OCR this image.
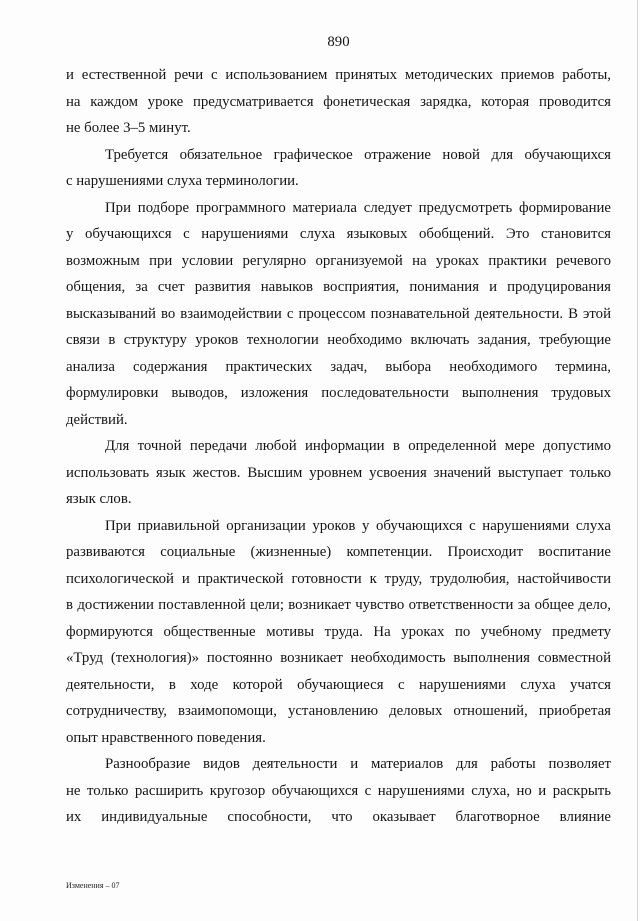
890
и естественной речи с использованием принятых методических приемов работы,
на каждом уроке предусматривается фонетическая зарядка, которая проводится
не более 3–5 минут.
Требуется обязательное графическое отражение новой для обучающихся
с нарушениями слуха терминологии.
При подборе программного материала следует предусмотреть формирование
у обучающихся с нарушениями слуха языковых обобщений. Это становится
возможным при условии регулярно организуемой на уроках практики речевого
общения, за счет развития навыков восприятия, понимания и продуцирования
высказываний во взаимодействии с процессом познавательной деятельности. В этой
связи в структуру уроков технологии необходимо включать задания, требующие
анализа содержания практических задач, выбора необходимого термина,
формулировки выводов, изложения последовательности выполнения трудовых
действий.
Для точной передачи любой информации в определенной мере допустимо
использовать язык жестов. Высшим уровнем усвоения значений выступает только
язык слов.
При приавильной организации уроков у обучающихся с нарушениями слуха
развиваются социальные (жизненные) компетенции. Происходит воспитание
психологической и практической готовности к труду, трудолюбия, настойчивости
в достижении поставленной цели; возникает чувство ответственности за общее дело,
формируются общественные мотивы труда. На уроках по учебному предмету
«Труд (технология)» постоянно возникает необходимость выполнения совместной
деятельности, в ходе которой обучающиеся с нарушениями слуха учатся
сотрудничеству, взаимопомощи, установлению деловых отношений, приобретая
опыт нравственного поведения.
Разнообразие видов деятельности и материалов для работы позволяет
не только расширить кругозор обучающихся с нарушениями слуха, но и раскрыть
их индивидуальные способности, что оказывает благотворное влияние
Изменения – 07
